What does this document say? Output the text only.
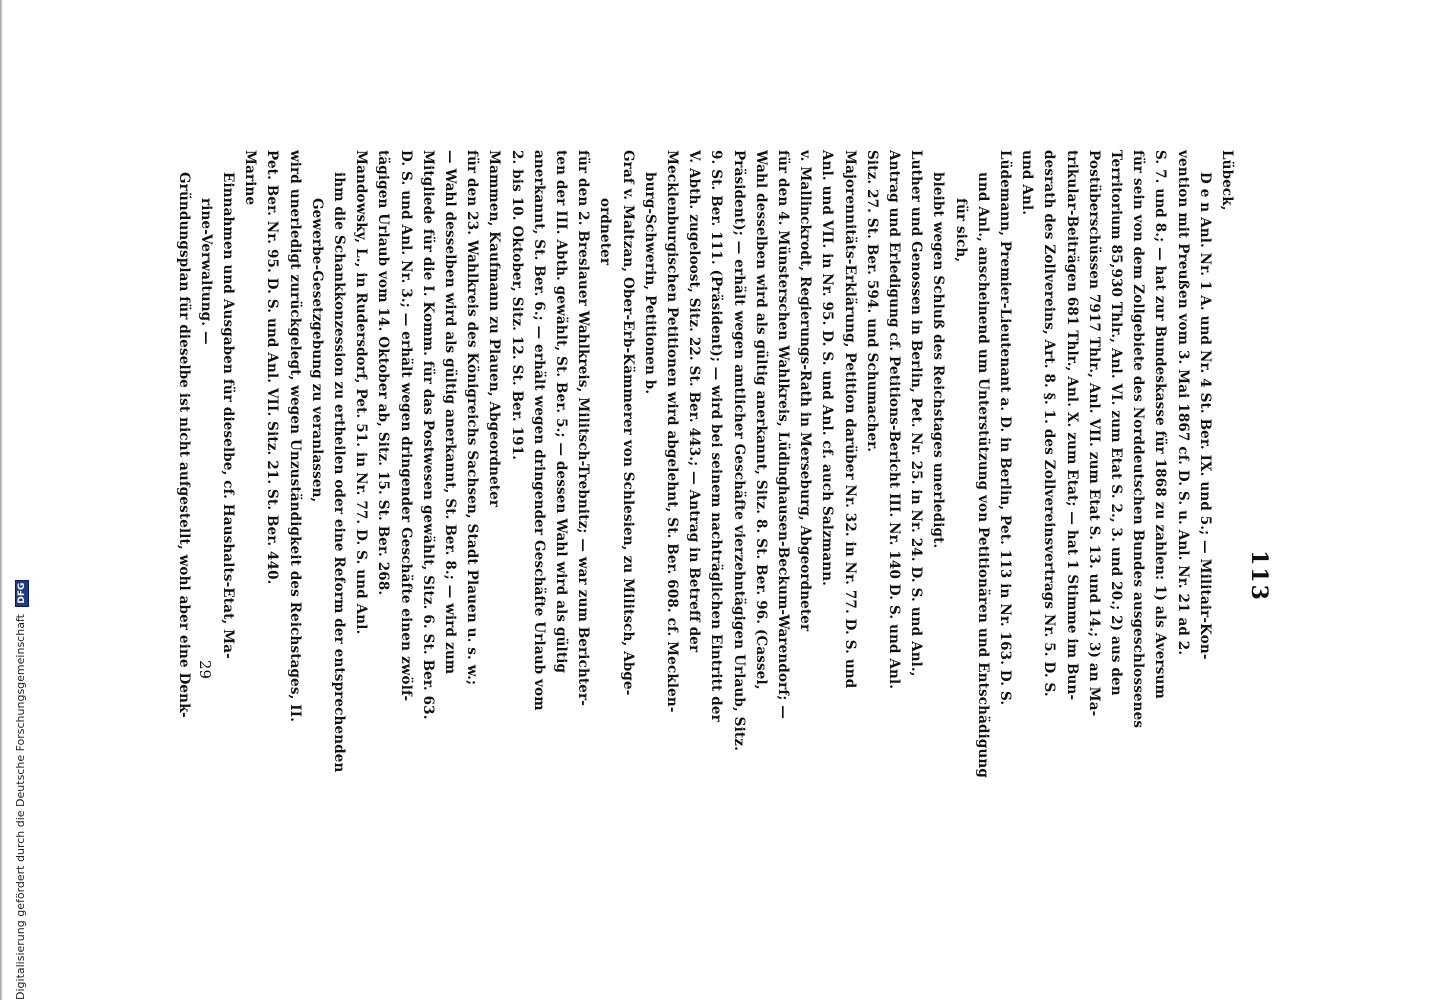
113
Lübeck,
D e n Anl. Nr. 1 A. und Nr. 4 St. Ber. IX. und 5.; — Militair-Kon-
vention mit Preußen vom 3. Mai 1867 cf. D. S. u. Anl. Nr. 21 ad 2.
S. 7. und 8.; — hat zur Bundeskasse für 1868 zu zahlen: 1) als Aversum
für sein von dem Zollgebiete des Norddeutschen Bundes ausgeschlossenes
Territorium 85,930 Thlr., Anl. VI. zum Etat S. 2., 3. und 20.; 2) aus den
Postüberschüssen 7917 Thlr., Anl. VII. zum Etat S. 13. und 14.; 3) an Ma-
trikular-Beiträgen 681 Thlr., Anl. X. zum Etat; — hat 1 Stimme im Bun-
desrath des Zollvereins, Art. 8. §. 1. des Zollvereinsvertrags Nr. 5. D. S.
und Anl.
Lüdemann, Premier-Lieutenant a. D. in Berlin, Pet. 113 in Nr. 163. D. S.
und Anl., anscheinend um Unterstützung von Petitionären und Entschädigung
für sich,
bleibt wegen Schluß des Reichstages unerledigt.
Luther und Genossen in Berlin, Pet. Nr. 25. in Nr. 24. D. S. und Anl.,
Antrag und Erledigung cf. Petitions-Bericht III. Nr. 140 D. S. und Anl.
Sitz. 27. St. Ber. 594. und Schumacher.
Majorennitäts-Erklärung, Petition darüber Nr. 32. in Nr. 77. D. S. und
Anl. und VII. in Nr. 95. D. S. und Anl. cf. auch Salzmann.
v. Mallinckrodt, Regierungs-Rath in Merseburg, Abgeordneter
für den 4. Münsterschen Wahlkreis, Lüdinghausen-Beckum-Warendorf; —
Wahl desselben wird als gültig anerkannt, Sitz. 8. St. Ber. 96. (Cassel,
Präsident); — erhält wegen amtlicher Geschäfte vierzehntägigen Urlaub, Sitz.
9. St. Ber. 111. (Präsident); — wird bei seinem nachträglichen Eintritt der
V. Abth. zugeloost, Sitz. 22. St. Ber. 443.; — Antrag in Betreff der
Mecklenburgischen Petitionen wird abgelehnt, St. Ber. 608. cf. Mecklen-
burg-Schwerin, Petitionen b.
Graf v. Maltzan, Ober-Erb-Kämmerer von Schlesien, zu Militsch, Abge-
ordneter
für den 2. Breslauer Wahlkreis, Militsch-Trebnitz; — war zum Berichter-
ten der III. Abth. gewählt, St. Ber. 5.; — dessen Wahl wird als gültig
anerkannt, St. Ber. 6.; — erhält wegen dringender Geschäfte Urlaub vom
2. bis 10. Oktober, Sitz. 12. St. Ber. 191.
Mammen, Kaufmann zu Plauen, Abgeordneter
für den 23. Wahlkreis des Königreichs Sachsen, Stadt Plauen u. s. w.;
— Wahl desselben wird als gültig anerkannt, St. Ber. 8.; — wird zum
Mitgliede für die I. Komm. für das Postwesen gewählt, Sitz. 6. St. Ber. 63.
D. S. und Anl. Nr. 3.; — erhält wegen dringender Geschäfte einen zwölf-
tägigen Urlaub vom 14. Oktober ab, Sitz. 15. St. Ber. 268.
Mandowsky, L., in Rudersdorf, Pet. 51. in Nr. 77. D. S. und Anl.
ihm die Schankkonzession zu ertheilen oder eine Reform der entsprechenden
Gewerbe-Gesetzgebung zu veranlassen,
wird unerledigt zurückgelegt, wegen Unzuständigkeit des Reichstages, II.
Pet. Ber. Nr. 95. D. S. und Anl. VII. Sitz. 21. St. Ber. 440.
Marine
Einnahmen und Ausgaben für dieselbe, cf. Haushalts-Etat, Ma-
rine-Verwaltung. —
Gründungsplan für dieselbe ist nicht aufgestellt, wohl aber eine Denk- 29
Digitalisierung gefördert durch die Deutsche Forschungsgemeinschaft DFG
